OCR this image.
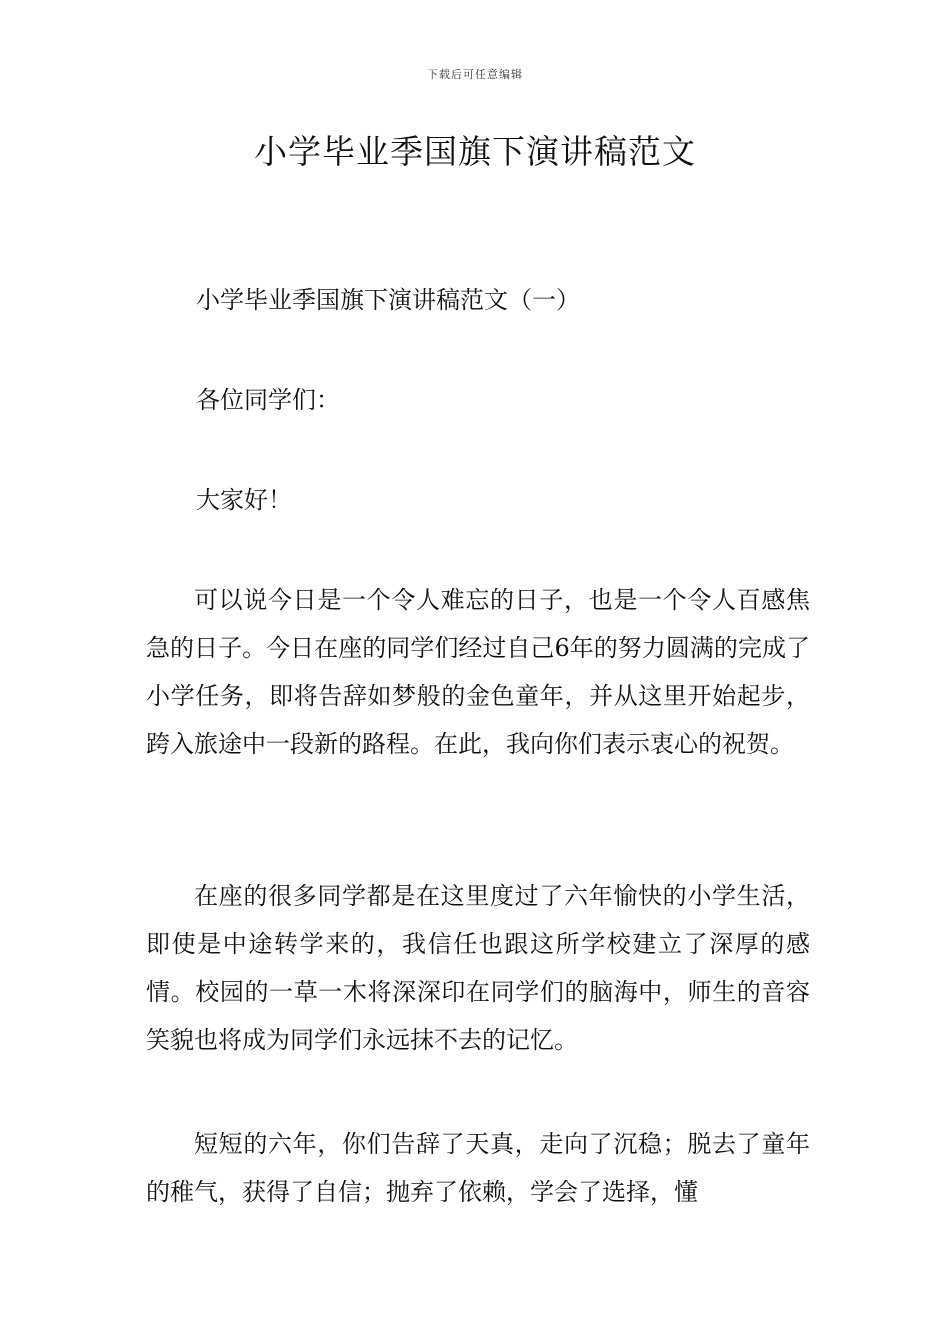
下载后可任意编辑
小学毕业季国旗下演讲稿范文

小学毕业季国旗下演讲稿范文（一）

各位同学们：

大家好！

可以说今日是一个令人难忘的日子，也是一个令人百感焦急的日子。今日在座的同学们经过自己6年的努力圆满的完成了小学任务，即将告辞如梦般的金色童年，并从这里开始起步，跨入旅途中一段新的路程。在此，我向你们表示衷心的祝贺。

在座的很多同学都是在这里度过了六年愉快的小学生活，即使是中途转学来的，我信任也跟这所学校建立了深厚的感情。校园的一草一木将深深印在同学们的脑海中，师生的音容笑貌也将成为同学们永远抹不去的记忆。

短短的六年，你们告辞了天真，走向了沉稳；脱去了童年的稚气，获得了自信；抛弃了依赖，学会了选择，懂
